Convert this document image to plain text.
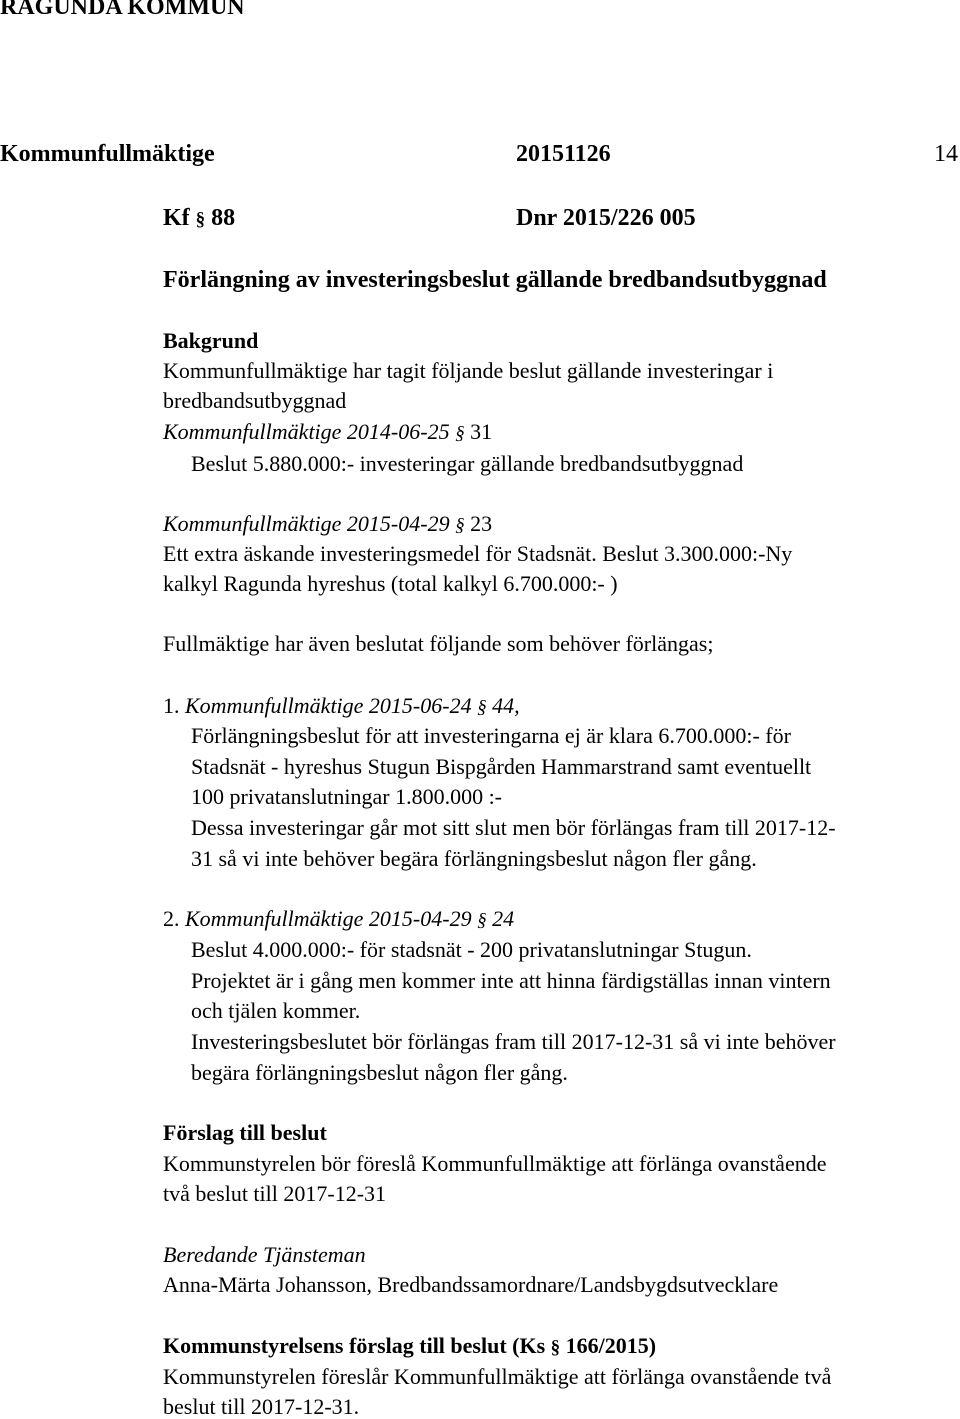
RAGUNDA KOMMUN
Kommunfullmäktige	20151126	14
Kf § 88	Dnr 2015/226 005
Förlängning av investeringsbeslut gällande bredbandsutbyggnad
Bakgrund
Kommunfullmäktige har tagit följande beslut gällande investeringar i
bredbandsutbyggnad
Kommunfullmäktige 2014-06-25 § 31
Beslut 5.880.000:- investeringar gällande bredbandsutbyggnad
Kommunfullmäktige 2015-04-29 § 23
Ett extra äskande investeringsmedel för Stadsnät. Beslut 3.300.000:-Ny
kalkyl Ragunda hyreshus (total kalkyl 6.700.000:- )
Fullmäktige har även beslutat följande som behöver förlängas;
1. Kommunfullmäktige 2015-06-24 § 44,
Förlängningsbeslut för att investeringarna ej är klara 6.700.000:- för
Stadsnät - hyreshus Stugun Bispgården Hammarstrand samt eventuellt
100 privatanslutningar 1.800.000 :-
Dessa investeringar går mot sitt slut men bör förlängas fram till 2017-12-
31 så vi inte behöver begära förlängningsbeslut någon fler gång.
2. Kommunfullmäktige 2015-04-29 § 24
Beslut 4.000.000:- för stadsnät - 200 privatanslutningar Stugun.
Projektet är i gång men kommer inte att hinna färdigställas innan vintern
och tjälen kommer.
Investeringsbeslutet bör förlängas fram till 2017-12-31 så vi inte behöver
begära förlängningsbeslut någon fler gång.
Förslag till beslut
Kommunstyrelen bör föreslå Kommunfullmäktige att förlänga ovanstående
två beslut till 2017-12-31
Beredande Tjänsteman
Anna-Märta Johansson, Bredbandssamordnare/Landsbygdsutvecklare
Kommunstyrelsens förslag till beslut (Ks § 166/2015)
Kommunstyrelen föreslår Kommunfullmäktige att förlänga ovanstående två
beslut till 2017-12-31.
